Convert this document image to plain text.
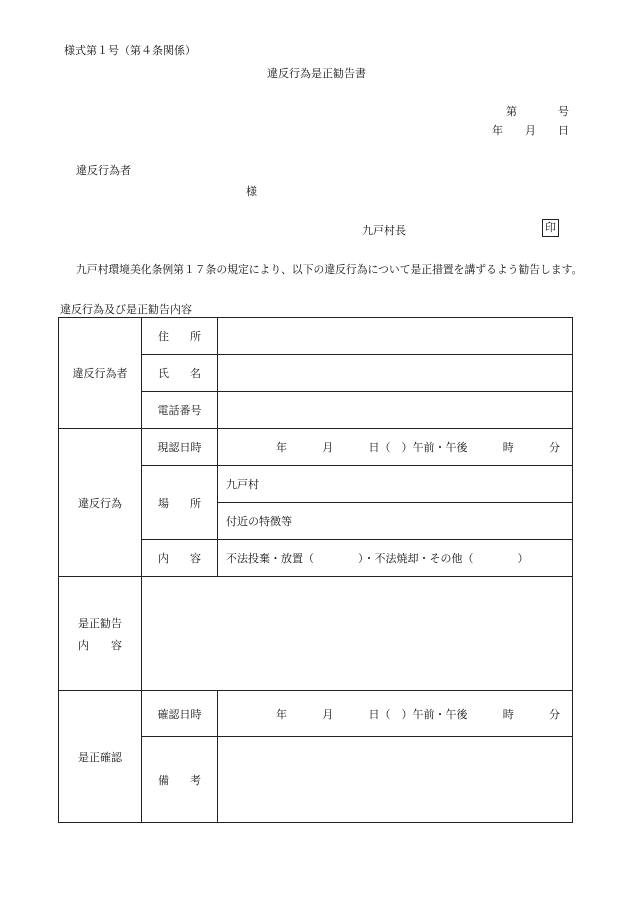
様式第１号（第４条関係）
違反行為是正勧告書
第	号
年 月 日
違反行為者
様
九戸村長	印
九戸村環境美化条例第１７条の規定により、以下の違反行為について是正措置を講ずるよう勧告します。
違反行為及び是正勧告内容
違反行為者	住 所	

	氏 名	

	電話番号	
違反行為	現認日時	年 月 日（　）午前・午後 時 分

	場 所	九戸村
		付近の特徴等

	内 容	不法投棄・放置（　　　　）・不法焼却・その他（　　　　）

是正勧告
内　　容		

是正確認	確認日時	年 月 日（　）午前・午後 時 分

	備 考	
